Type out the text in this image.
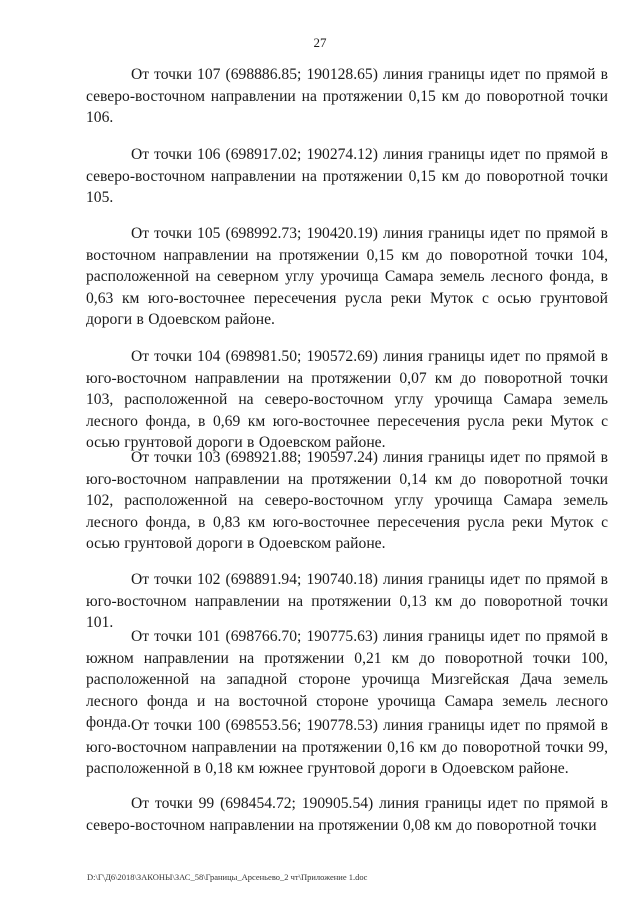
27

От точки 107 (698886.85; 190128.65) линия границы идет по прямой в северо-восточном направлении на протяжении 0,15 км до поворотной точки 106.

От точки 106 (698917.02; 190274.12) линия границы идет по прямой в северо-восточном направлении на протяжении 0,15 км до поворотной точки 105.

От точки 105 (698992.73; 190420.19) линия границы идет по прямой в восточном направлении на протяжении 0,15 км до поворотной точки 104, расположенной на северном углу урочища Самара земель лесного фонда, в 0,63 км юго-восточнее пересечения русла реки Муток с осью грунтовой дороги в Одоевском районе.

От точки 104 (698981.50; 190572.69) линия границы идет по прямой в юго-восточном направлении на протяжении 0,07 км до поворотной точки 103, расположенной на северо-восточном углу урочища Самара земель лесного фонда, в 0,69 км юго-восточнее пересечения русла реки Муток с осью грунтовой дороги в Одоевском районе.

От точки 103 (698921.88; 190597.24) линия границы идет по прямой в юго-восточном направлении на протяжении 0,14 км до поворотной точки 102, расположенной на северо-восточном углу урочища Самара земель лесного фонда, в 0,83 км юго-восточнее пересечения русла реки Муток с осью грунтовой дороги в Одоевском районе.

От точки 102 (698891.94; 190740.18) линия границы идет по прямой в юго-восточном направлении на протяжении 0,13 км до поворотной точки 101.

От точки 101 (698766.70; 190775.63) линия границы идет по прямой в южном направлении на протяжении 0,21 км до поворотной точки 100, расположенной на западной стороне урочища Мизгейская Дача земель лесного фонда и на восточной стороне урочища Самара земель лесного фонда. От точки 100 (698553.56; 190778.53) линия границы идет по прямой в юго-восточном направлении на протяжении 0,16 км до поворотной точки 99, расположенной в 0,18 км южнее грунтовой дороги в Одоевском районе.

От точки 99 (698454.72; 190905.54) линия границы идет по прямой в северо-восточном направлении на протяжении 0,08 км до поворотной точки

D:\Г\Д6\2018\ЗАКОНЫ\ЗАС_58\Границы_Арсеньево_2 чт\Приложение 1.doc
